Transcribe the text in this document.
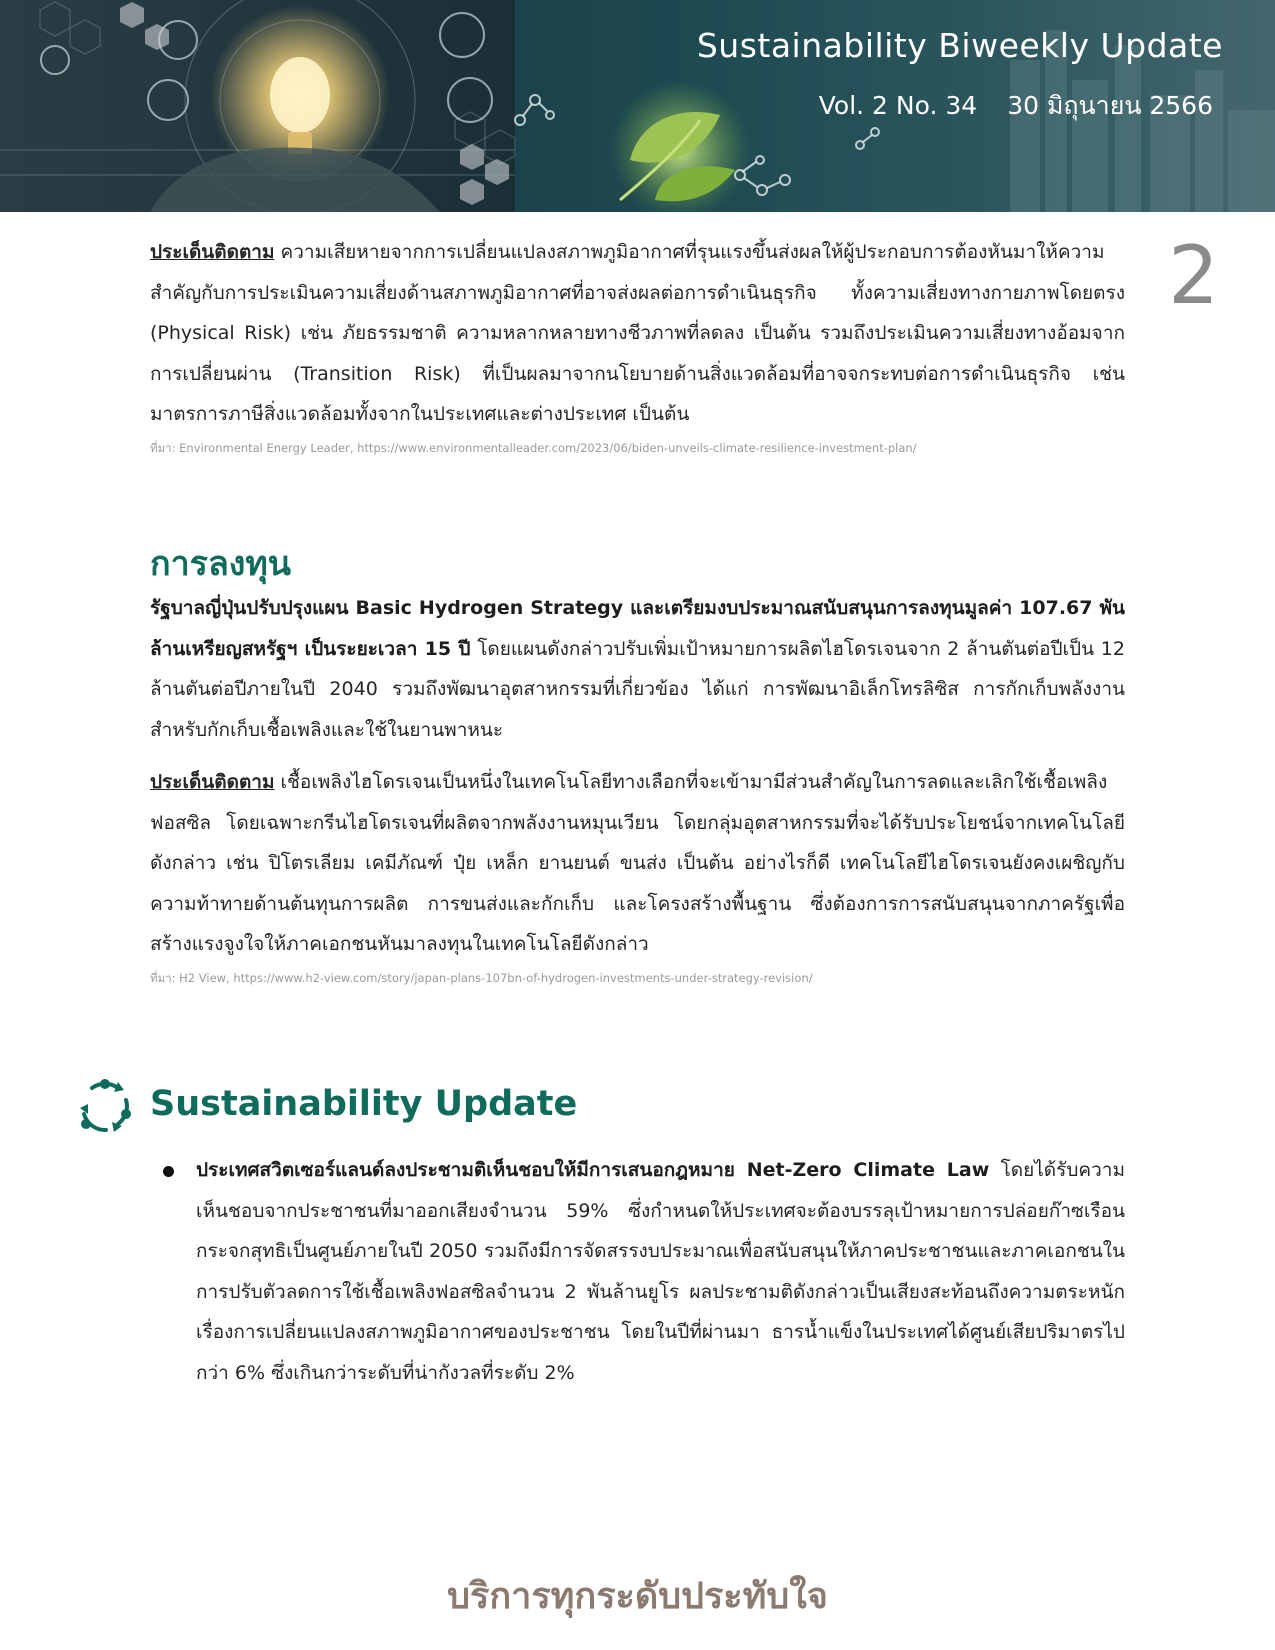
Sustainability Biweekly Update
Vol. 2 No. 34 30 มิถุนายน 2566
2

ประเด็นติดตาม ความเสียหายจากการเปลี่ยนแปลงสภาพภูมิอากาศที่รุนแรงขึ้นส่งผลให้ผู้ประกอบการต้องหันมาให้ความสำคัญกับการประเมินความเสี่ยงด้านสภาพภูมิอากาศที่อาจส่งผลต่อการดำเนินธุรกิจ ทั้งความเสี่ยงทางกายภาพโดยตรง (Physical Risk) เช่น ภัยธรรมชาติ ความหลากหลายทางชีวภาพที่ลดลง เป็นต้น รวมถึงประเมินความเสี่ยงทางอ้อมจากการเปลี่ยนผ่าน (Transition Risk) ที่เป็นผลมาจากนโยบายด้านสิ่งแวดล้อมที่อาจจกระทบต่อการดำเนินธุรกิจ เช่น มาตรการภาษีสิ่งแวดล้อมทั้งจากในประเทศและต่างประเทศ เป็นต้น

ที่มา: Environmental Energy Leader, https://www.environmentalleader.com/2023/06/biden-unveils-climate-resilience-investment-plan/
การลงทุน

รัฐบาลญี่ปุ่นปรับปรุงแผน Basic Hydrogen Strategy และเตรียมงบประมาณสนับสนุนการลงทุนมูลค่า 107.67 พันล้านเหรียญสหรัฐฯ เป็นระยะเวลา 15 ปี โดยแผนดังกล่าวปรับเพิ่มเป้าหมายการผลิตไฮโดรเจนจาก 2 ล้านตันต่อปีเป็น 12 ล้านตันต่อปีภายในปี 2040 รวมถึงพัฒนาอุตสาหกรรมที่เกี่ยวข้อง ได้แก่ การพัฒนาอิเล็กโทรลิซิส การกักเก็บพลังงานสำหรับกักเก็บเชื้อเพลิงและใช้ในยานพาหนะ

ประเด็นติดตาม เชื้อเพลิงไฮโดรเจนเป็นหนึ่งในเทคโนโลยีทางเลือกที่จะเข้ามามีส่วนสำคัญในการลดและเลิกใช้เชื้อเพลิงฟอสซิล โดยเฉพาะกรีนไฮโดรเจนที่ผลิตจากพลังงานหมุนเวียน โดยกลุ่มอุตสาหกรรมที่จะได้รับประโยชน์จากเทคโนโลยีดังกล่าว เช่น ปิโตรเลียม เคมีภัณฑ์ ปุ๋ย เหล็ก ยานยนต์ ขนส่ง เป็นต้น อย่างไรก็ดี เทคโนโลยีไฮโดรเจนยังคงเผชิญกับความท้าทายด้านต้นทุนการผลิต การขนส่งและกักเก็บ และโครงสร้างพื้นฐาน ซึ่งต้องการการสนับสนุนจากภาครัฐเพื่อสร้างแรงจูงใจให้ภาคเอกชนหันมาลงทุนในเทคโนโลยีดังกล่าว

ที่มา: H2 View, https://www.h2-view.com/story/japan-plans-107bn-of-hydrogen-investments-under-strategy-revision/
Sustainability Update

ประเทศสวิตเซอร์แลนด์ลงประชามติเห็นชอบให้มีการเสนอกฎหมาย Net-Zero Climate Law โดยได้รับความเห็นชอบจากประชาชนที่มาออกเสียงจำนวน 59% ซึ่งกำหนดให้ประเทศจะต้องบรรลุเป้าหมายการปล่อยก๊าซเรือนกระจกสุทธิเป็นศูนย์ภายในปี 2050 รวมถึงมีการจัดสรรงบประมาณเพื่อสนับสนุนให้ภาคประชาชนและภาคเอกชนในการปรับตัวลดการใช้เชื้อเพลิงฟอสซิลจำนวน 2 พันล้านยูโร ผลประชามติดังกล่าวเป็นเสียงสะท้อนถึงความตระหนักเรื่องการเปลี่ยนแปลงสภาพภูมิอากาศของประชาชน โดยในปีที่ผ่านมา ธารน้ำแข็งในประเทศได้ศูนย์เสียปริมาตรไปกว่า 6% ซึ่งเกินกว่าระดับที่น่ากังวลที่ระดับ 2%

บริการทุกระดับประทับใจ
